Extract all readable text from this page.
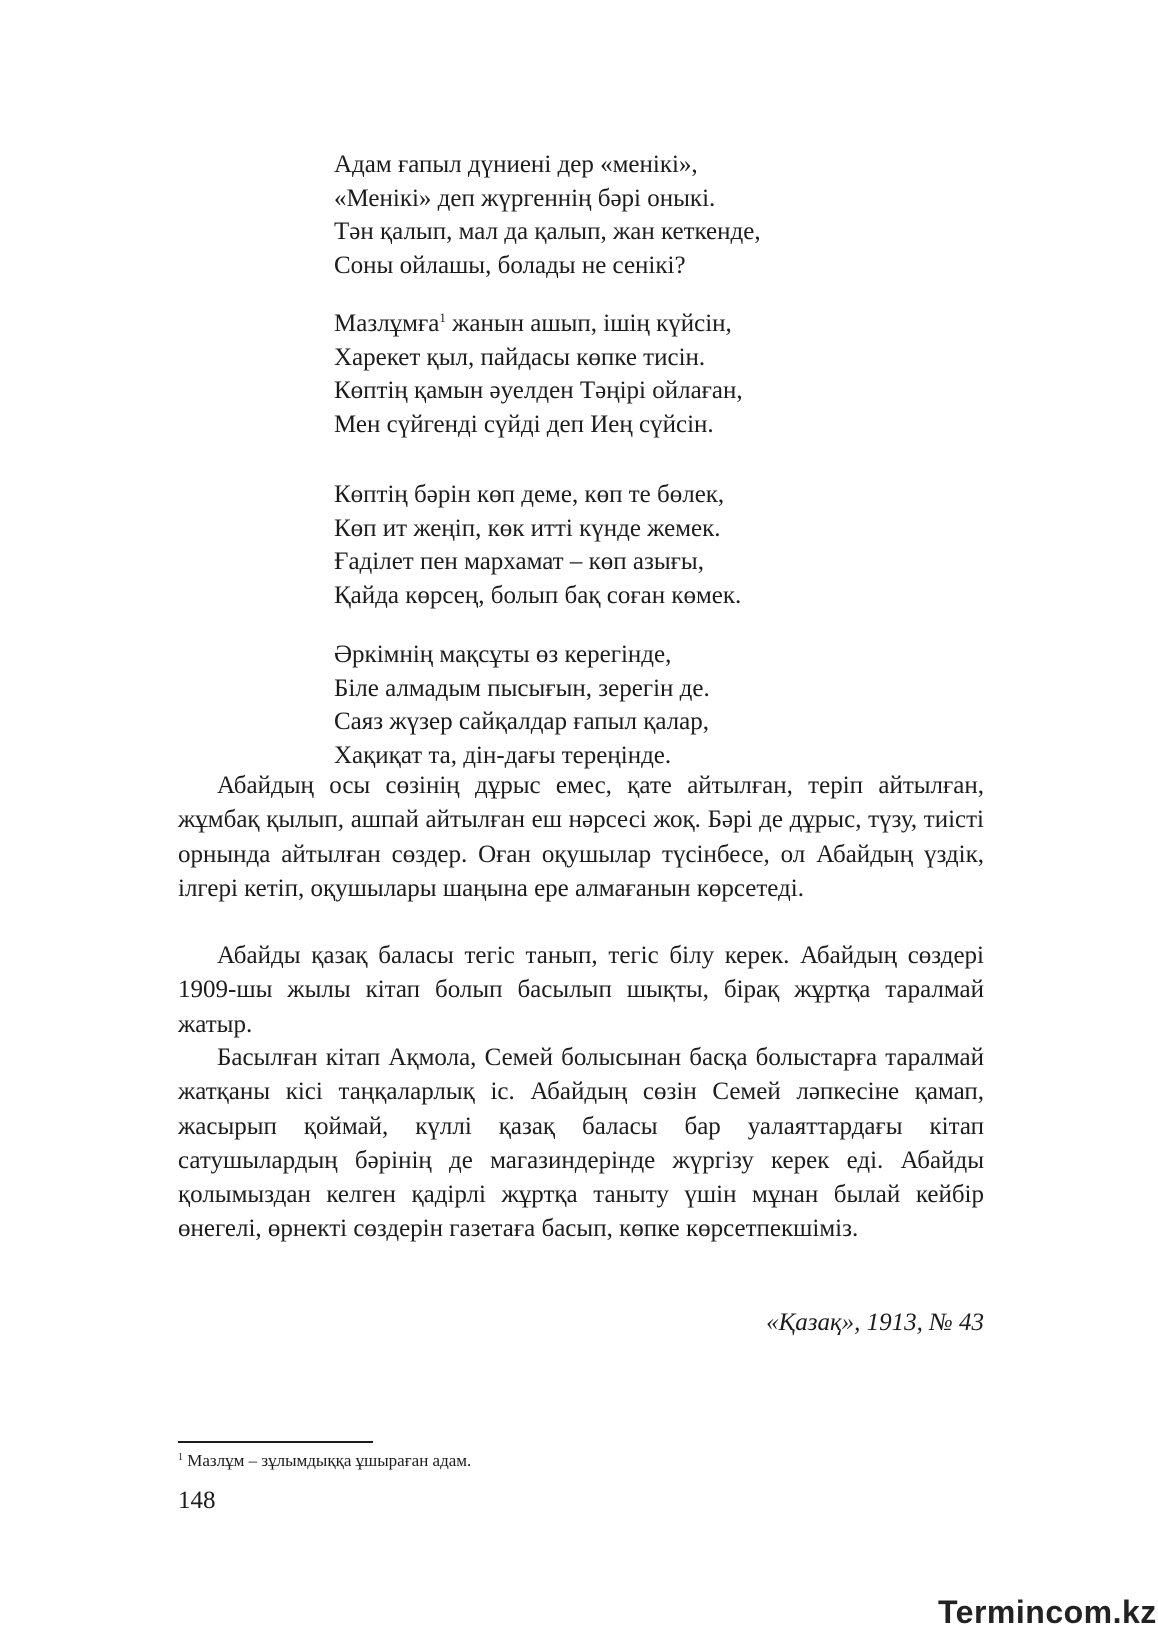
Адам ғапыл дүниені дер «менікі»,
«Менікі» деп жүргеннің бәрі оныкі.
Тән қалып, мал да қалып, жан кеткенде,
Соны ойлашы, болады не сенікі?
Мазлұмға$^1$ жанын ашып, ішің күйсін,
Харекет қыл, пайдасы көпке тисін.
Көптің қамын әуелден Тәңірі ойлаған,
Мен сүйгенді сүйді деп Иең сүйсін.
Көптің бәрін көп деме, көп те бөлек,
Көп ит жеңіп, көк итті күнде жемек.
Ғаділет пен мархамат – көп азығы,
Қайда көрсең, болып бақ соған көмек.
Әркімнің мақсұты өз керегінде,
Біле алмадым пысығын, зерегін де.
Саяз жүзер сайқалдар ғапыл қалар,
Хақиқат та, дін-дағы тереңінде.

Абайдың осы сөзінің дұрыс емес, қате айтылған, теріп айтылған, жұмбақ қылып, ашпай айтылған еш нәрсесі жоқ. Бәрі де дұрыс, түзу, тиісті орнында айтылған сөздер. Оған оқушылар түсінбесе, ол Абайдың үздік, ілгері кетіп, оқушылары шаңына ере алмағанын көрсетеді.

Абайды қазақ баласы тегіс танып, тегіс білу керек. Абайдың сөздері 1909-шы жылы кітап болып басылып шықты, бірақ жұртқа таралмай жатыр.

Басылған кітап Ақмола, Семей болысынан басқа болыстарға таралмай жатқаны кісі таңқаларлық іс. Абайдың сөзін Семей ләпкесіне қамап, жасырып қоймай, күллі қазақ баласы бар уалаяттардағы кітап сатушылардың бәрінің де магазиндерінде жүргізу керек еді. Абайды қолымыздан келген қадірлі жұртқа таныту үшін мұнан былай кейбір өнегелі, өрнекті сөздерін газетаға басып, көпке көрсетпекшіміз.

«Қазақ», 1913, № 43
$^1$ Мазлұм – зұлымдыққа ұшыраған адам.
148
Termincom.kz
